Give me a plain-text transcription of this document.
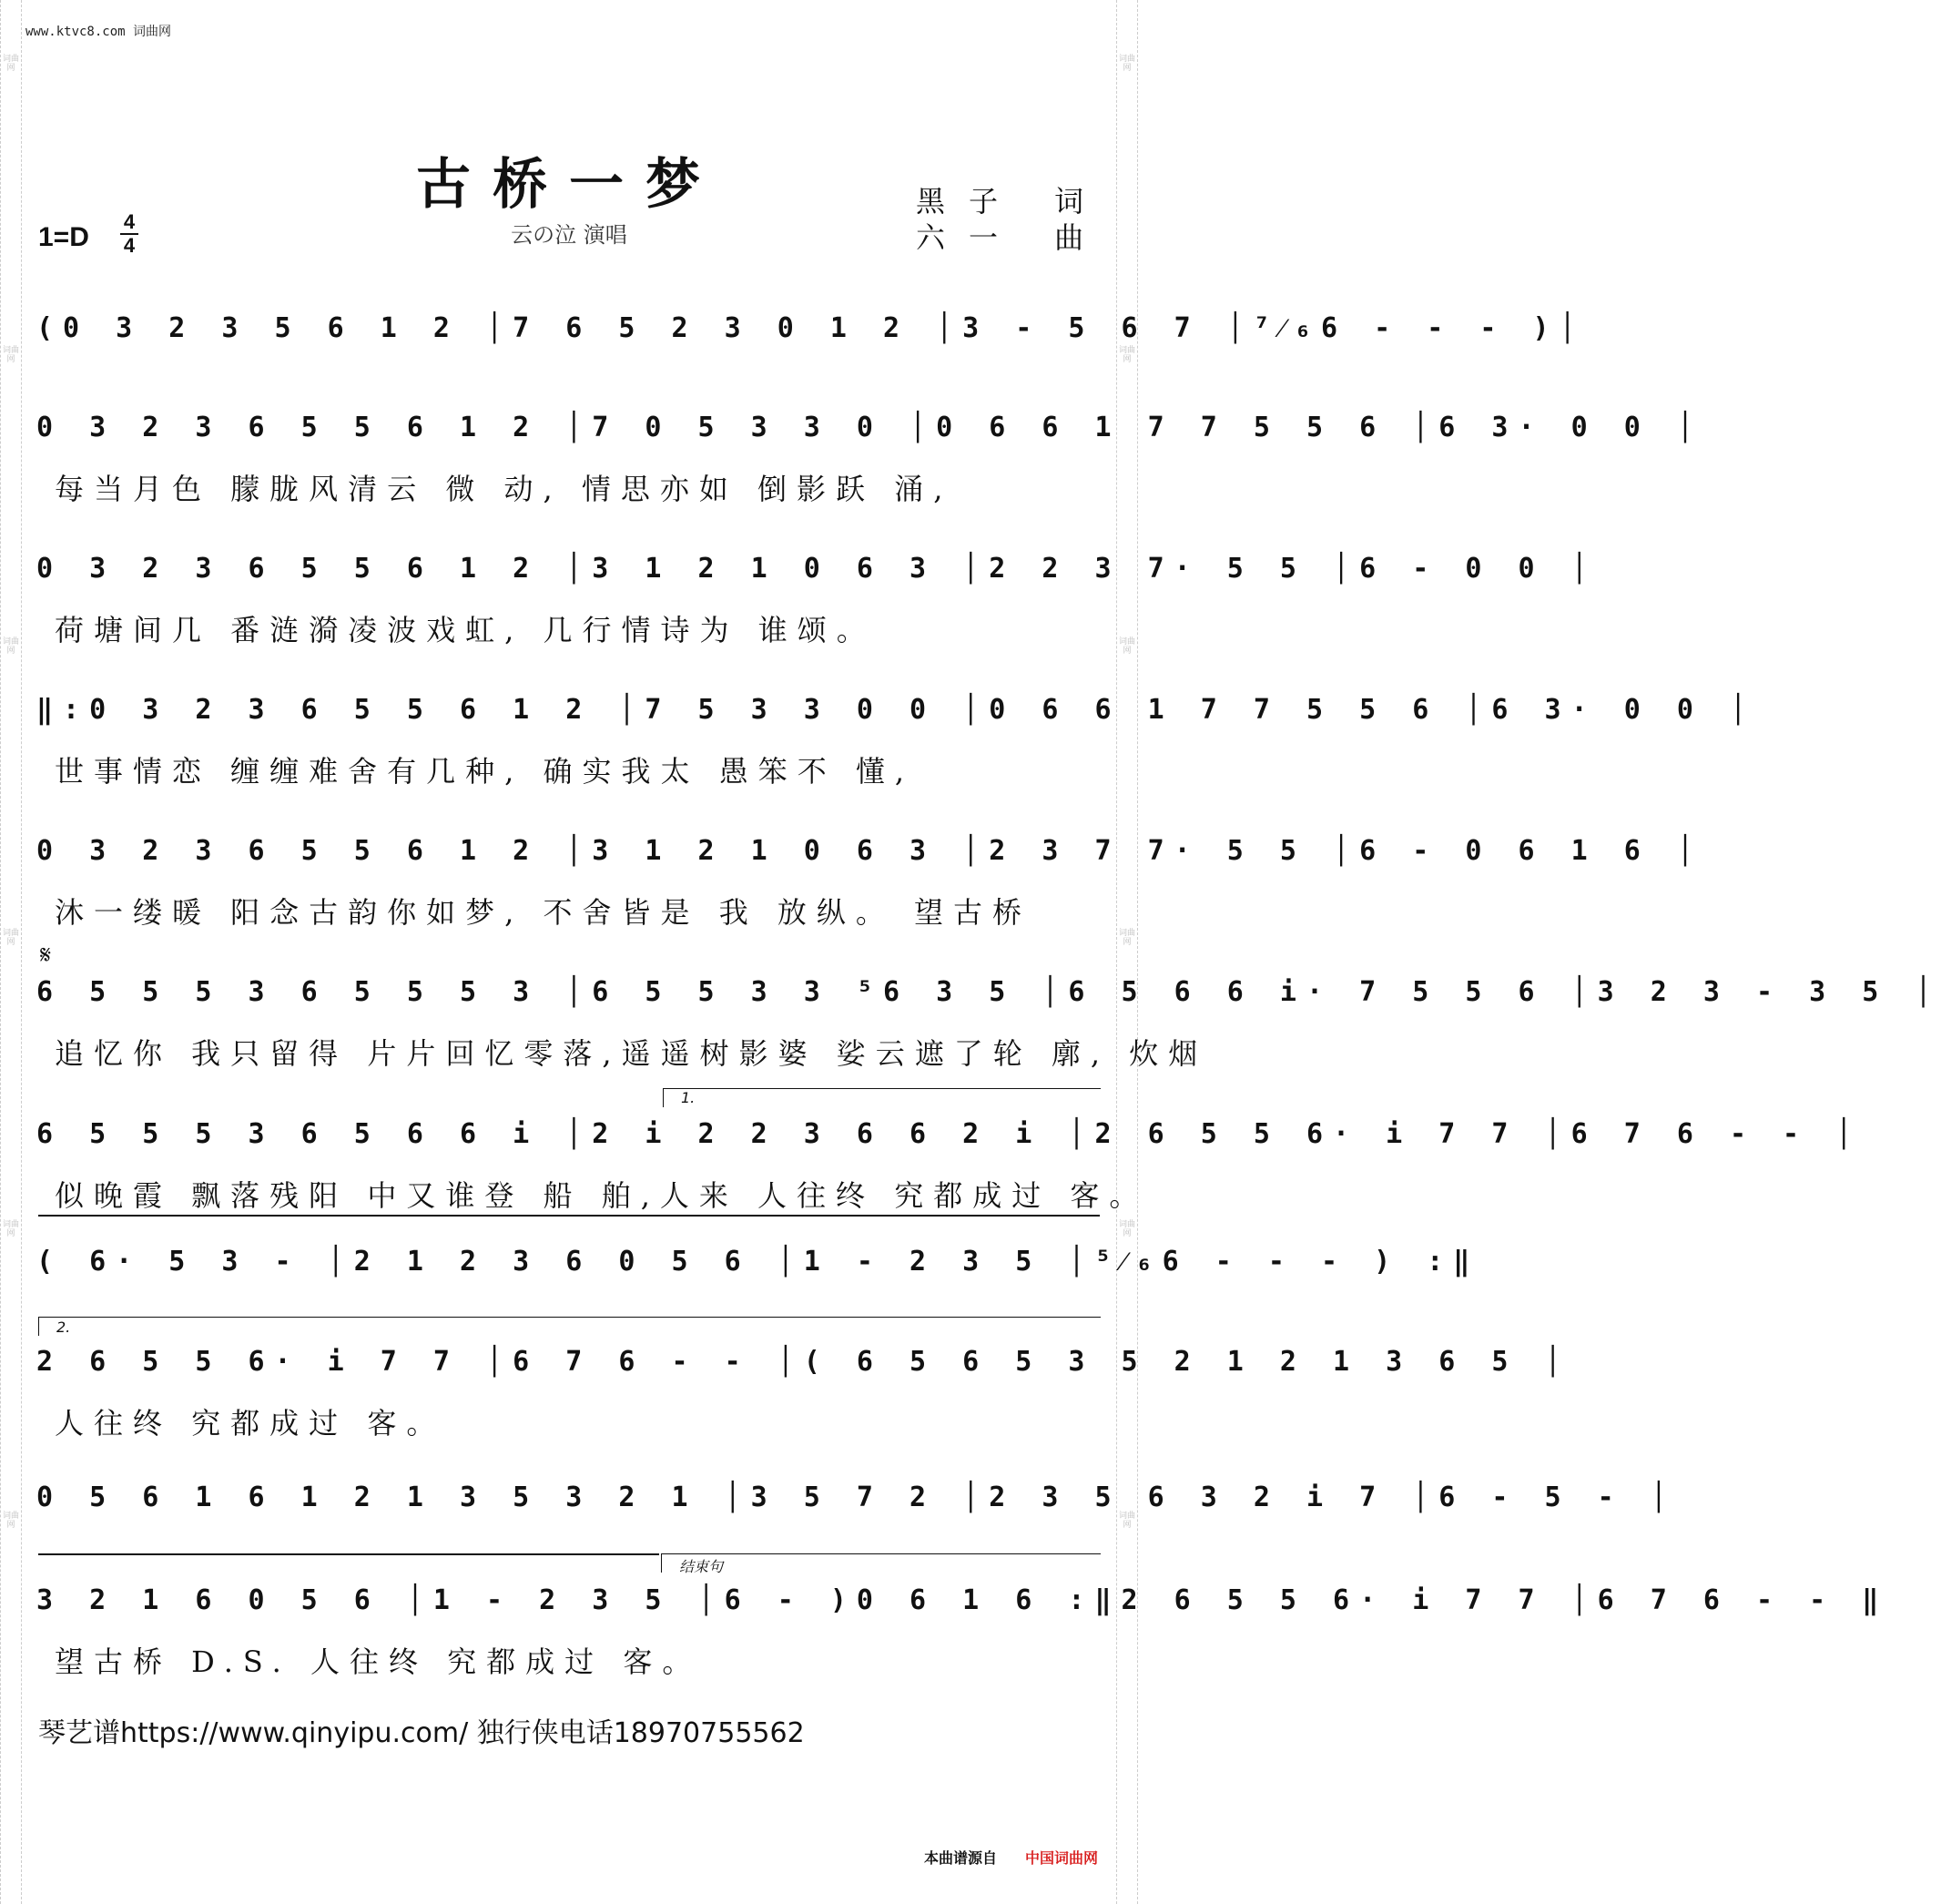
词曲网
词曲网
词曲网
词曲网
词曲网
词曲网
词曲网
词曲网
词曲网
词曲网
词曲网
词曲网
www.ktvc8.com 词曲网
古桥一梦
云の泣 演唱
黑子 词
六一 曲
1=D
4
4
(0 3 2 3 5 6 1 2 │7 6 5 2 3 0 1 2 │3 - 5 6 7 │⁷⁄₆6 - - - )│
0 3 2 3 6 5 5 6 1 2 │7 0 5 3 3 0 │0 6 6 1 7 7 5 5 6 │6 3· 0 0 │
每当月色 朦胧风清云 微 动, 情思亦如 倒影跃 涌,
0 3 2 3 6 5 5 6 1 2 │3 1 2 1 0 6 3 │2 2 3 7· 5 5 │6 - 0 0 │
荷塘间几 番涟漪凌波戏虹, 几行情诗为 谁颂。
‖:0 3 2 3 6 5 5 6 1 2 │7 5 3 3 0 0 │0 6 6 1 7 7 5 5 6 │6 3· 0 0 │
世事情恋 缠缠难舍有几种, 确实我太 愚笨不 懂,
0 3 2 3 6 5 5 6 1 2 │3 1 2 1 0 6 3 │2 3 7 7· 5 5 │6 - 0 6 1 6 │
沐一缕暖 阳念古韵你如梦, 不舍皆是 我 放纵。 望古桥
𝄋
6 5 5 5 3 6 5 5 5 3 │6 5 5 3 3 ⁵6 3 5 │6 5 6 6 i· 7 5 5 6 │3 2 3 - 3 5 │
追忆你 我只留得 片片回忆零落,遥遥树影婆 娑云遮了轮 廓, 炊烟
1.
6 5 5 5 3 6 5 6 6 i │2 i 2 2 3 6 6 2 i │2 6 5 5 6· i 7 7 │6 7 6 - - │
似晚霞 飘落残阳 中又谁登 船 舶,人来 人往终 究都成过 客。
( 6· 5 3 - │2 1 2 3 6 0 5 6 │1 - 2 3 5 │⁵⁄₆6 - - - ) :‖
2.
2 6 5 5 6· i 7 7 │6 7 6 - - │( 6 5 6 5 3 5 2 1 2 1 3 6 5 │
人往终 究都成过 客。
0 5 6 1 6 1 2 1 3 5 3 2 1 │3 5 7 2 │2 3 5 6 3 2 i 7 │6 - 5 - │
结束句
3 2 1 6 0 5 6 │1 - 2 3 5 │6 - )0 6 1 6 :‖2 6 5 5 6· i 7 7 │6 7 6 - - ‖
望古桥 D.S. 人往终 究都成过 客。
琴艺谱https://www.qinyipu.com/ 独行侠电话18970755562
本曲谱源自 中国词曲网
